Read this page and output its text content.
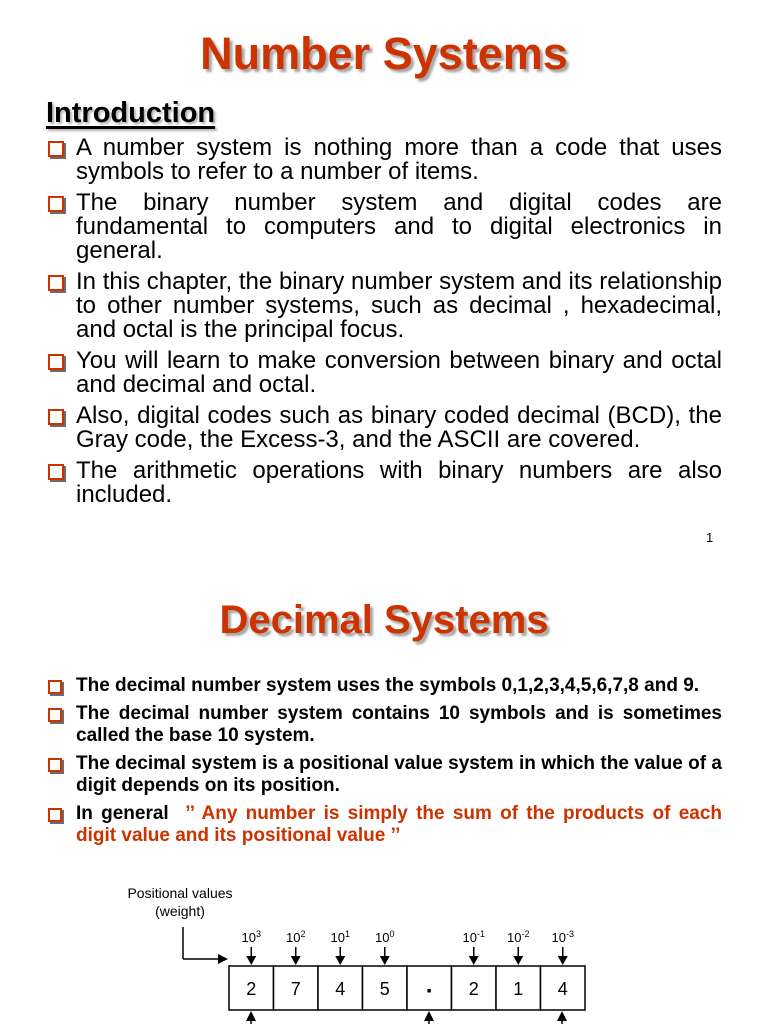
Number Systems
Introduction
A number system is nothing more than a code that uses symbols to refer to a number of items.
The binary number system and digital codes are fundamental to computers and to digital electronics in general.
In this chapter, the binary number system and its relationship to other number systems, such as decimal , hexadecimal, and octal is the principal focus.
You will learn to make conversion between binary and octal and decimal and octal.
Also, digital codes such as binary coded decimal (BCD), the Gray code, the Excess-3, and the ASCII are covered.
The arithmetic operations with binary numbers are also included.
1
Decimal Systems
The decimal number system uses the symbols 0,1,2,3,4,5,6,7,8 and 9.
The decimal number system contains 10 symbols and is sometimes called the base 10 system.
The decimal system is a positional value system in which the value of a digit depends on its position.
In general ’’ Any number is simply the sum of the products of each digit value and its positional value ’’
Positional values
(weight)
$10^3$ $10^2$ $10^1$ $10^0$	$10^{-1}$ $10^{-2}$ $10^{-3}$
2 7 4 5	▪ 2 1 4
